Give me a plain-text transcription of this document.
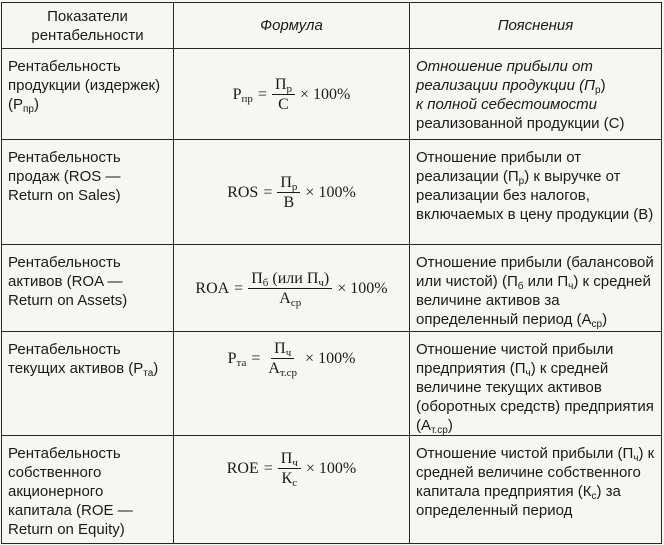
Показатели рентабельности	Формула	Пояснения
Рентабельность продукции (издержек) $(P_{пр})$	$P_{пр} = \frac{П_р}{С} \times 100\%$	Отношение прибыли от реализации продукции $(П_р)$
к полной себестоимости
реализованной продукции (С)
Рентабельность продаж (ROS — Return on Sales)	ROS = $\frac{П_р}{В} \times 100\%$	Отношение прибыли от реализации $(П_р)$ к выручке от реализации без налогов, включаемых в цену продукции (В)
Рентабельность активов (ROA — Return on Assets)	ROA = $\frac{П_б (или П_ч)}{А_{ср}} \times 100\%$	Отношение прибыли (балансовой или чистой) ($П_б$ или $П_ч$) к средней величине активов за определенный период $(А_{ср})$
Рентабельность текущих активов $(P_{та})$	$P_{та} = \frac{П_ч}{А_{т.ср}} \times 100\%$	Отношение чистой прибыли предприятия $(П_ч)$ к средней величине текущих активов (оборотных средств) предприятия $(А_{т.ср})$
Рентабельность собственного акционерного капитала (ROE — Return on Equity)	ROE = $\frac{П_ч}{К_с} \times 100\%$	Отношение чистой прибыли $(П_ч)$ к средней величине собственного капитала предприятия $(К_с)$ за определенный период
